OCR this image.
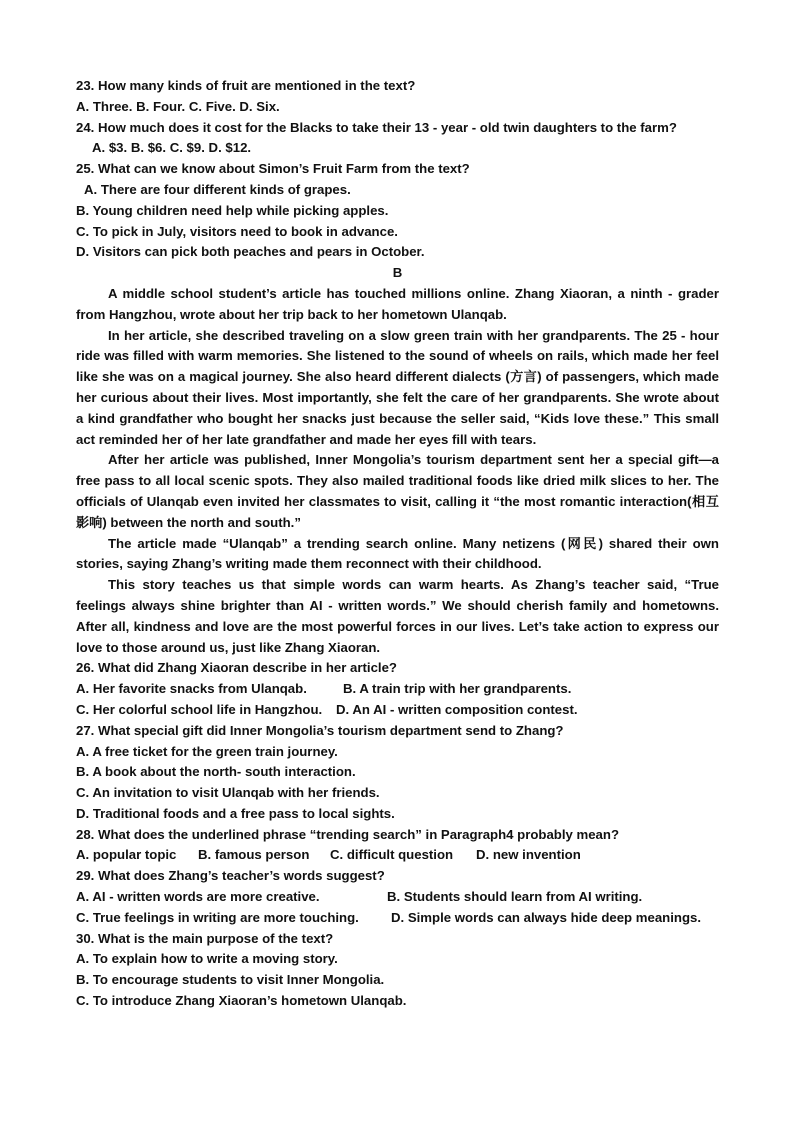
23. How many kinds of fruit are mentioned in the text?
A. Three. B. Four. C. Five. D. Six.
24. How much does it cost for the Blacks to take their 13 - year - old twin daughters to the farm?
A. $3. B. $6. C. $9. D. $12.
25. What can we know about Simon’s Fruit Farm from the text?
A. There are four different kinds of grapes.
B. Young children need help while picking apples.
C. To pick in July, visitors need to book in advance.
D. Visitors can pick both peaches and pears in October.
B
A middle school student’s article has touched millions online. Zhang Xiaoran, a ninth - grader from Hangzhou, wrote about her trip back to her hometown Ulanqab.
In her article, she described traveling on a slow green train with her grandparents. The 25 - hour ride was filled with warm memories. She listened to the sound of wheels on rails, which made her feel like she was on a magical journey. She also heard different dialects (方言) of passengers, which made her curious about their lives. Most importantly, she felt the care of her grandparents. She wrote about a kind grandfather who bought her snacks just because the seller said, “Kids love these.” This small act reminded her of her late grandfather and made her eyes fill with tears.
After her article was published, Inner Mongolia’s tourism department sent her a special gift—a free pass to all local scenic spots. They also mailed traditional foods like dried milk slices to her. The officials of Ulanqab even invited her classmates to visit, calling it “the most romantic interaction(相互影响) between the north and south.”
The article made “Ulanqab” a trending search online. Many netizens (网民) shared their own stories, saying Zhang’s writing made them reconnect with their childhood.
This story teaches us that simple words can warm hearts. As Zhang’s teacher said, “True feelings always shine brighter than AI - written words.” We should cherish family and hometowns. After all, kindness and love are the most powerful forces in our lives. Let’s take action to express our love to those around us, just like Zhang Xiaoran.
26. What did Zhang Xiaoran describe in her article?
A. Her favorite snacks from Ulanqab.	B. A train trip with her grandparents.
C. Her colorful school life in Hangzhou.	D. An AI - written composition contest.
27. What special gift did Inner Mongolia’s tourism department send to Zhang?
A. A free ticket for the green train journey.
B. A book about the north- south interaction.
C. An invitation to visit Ulanqab with her friends.
D. Traditional foods and a free pass to local sights.
28. What does the underlined phrase “trending search” in Paragraph4 probably mean?
A. popular topic	B. famous person	C. difficult question	D. new invention
29. What does Zhang’s teacher’s words suggest?
A. AI - written words are more creative.	B. Students should learn from AI writing.
C. True feelings in writing are more touching.	D. Simple words can always hide deep meanings.
30. What is the main purpose of the text?
A. To explain how to write a moving story.
B. To encourage students to visit Inner Mongolia.
C. To introduce Zhang Xiaoran’s hometown Ulanqab.
